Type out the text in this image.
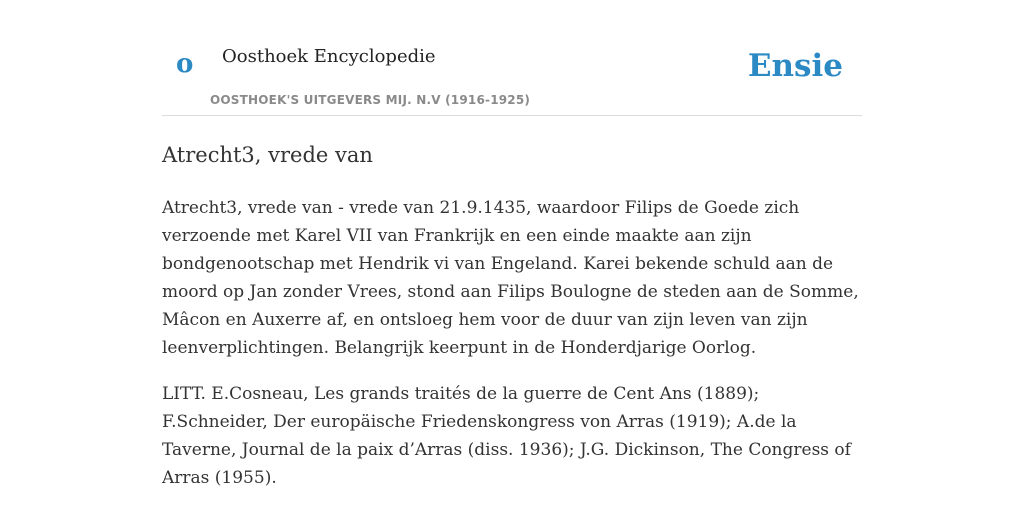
o Oosthoek Encyclopedie
OOSTHOEK'S UITGEVERS MIJ. N.V (1916-1925)
Ensie
Atrecht3, vrede van

Atrecht3, vrede van - vrede van 21.9.1435, waardoor Filips de Goede zich verzoende met Karel VII van Frankrijk en een einde maakte aan zijn bondgenootschap met Hendrik vi van Engeland. Karei bekende schuld aan de moord op Jan zonder Vrees, stond aan Filips Boulogne de steden aan de Somme, Mâcon en Auxerre af, en ontsloeg hem voor de duur van zijn leven van zijn leenverplichtingen. Belangrijk keerpunt in de Honderdjarige Oorlog.

LITT. E.Cosneau, Les grands traités de la guerre de Cent Ans (1889); F.Schneider, Der europäische Friedenskongress von Arras (1919); A.de la Taverne, Journal de la paix d’Arras (diss. 1936); J.G. Dickinson, The Congress of Arras (1955).
